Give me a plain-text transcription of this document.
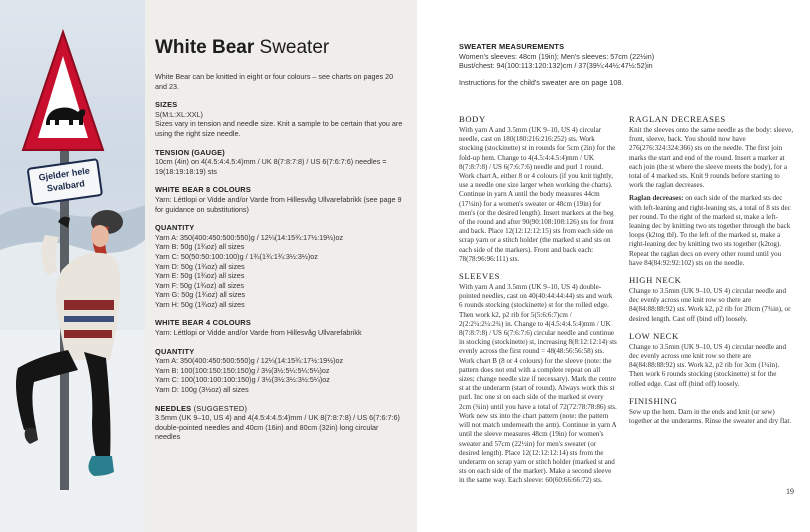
Gjelder hele
Svalbard
White Bear Sweater

White Bear can be knitted in eight or four colours – see charts on pages 20 and 23.

SIZES

S(M:L:XL:XXL)

Sizes vary in tension and needle size. Knit a sample to be certain that you are using the right size needle.

TENSION (GAUGE)

10cm (4in) on 4(4.5:4:4.5:4)mm / UK 8(7:8:7:8) / US 6(7:6:7:6) needles = 19(18:19:18:19) sts

WHITE BEAR 8 COLOURS

Yarn: Léttlopi or Vidde and/or Varde from Hillesvåg Ullvarefabrikk (see page 9 for guidance on substitutions)

QUANTITY

Yarn A: 350(400:450:500:550)g / 12¼(14:15¾:17½:19½)oz

Yarn B: 50g (1¾oz) all sizes

Yarn C: 50(50:50:100:100)g / 1¾(1¾:1¾:3½:3½)oz

Yarn D: 50g (1¾oz) all sizes

Yarn E: 50g (1¾oz) all sizes

Yarn F: 50g (1¾oz) all sizes

Yarn G: 50g (1¾oz) all sizes

Yarn H: 50g (1¾oz) all sizes

WHITE BEAR 4 COLOURS

Yarn: Léttlopi or Vidde and/or Varde from Hillesvåg Ullvarefabrikk

QUANTITY

Yarn A: 350(400:450:500:550)g / 12¼(14:15¾:17½:19½)oz

Yarn B: 100(100:150:150:150)g / 3½(3½:5¼:5¼:5¼)oz

Yarn C: 100(100:100:100:150)g / 3½(3½:3½:3½:5¼)oz

Yarn D: 100g (3½oz) all sizes

NEEDLES (SUGGESTED)

3.5mm (UK 9–10, US 4) and 4(4.5:4:4.5:4)mm / UK 8(7:8:7:8) / US 6(7:6:7:6) double-pointed needles and 40cm (16in) and 80cm (32in) long circular needles

SWEATER MEASUREMENTS
Women's sleeves: 48cm (19in); Men's sleeves: 57cm (22½in)
Bust/chest: 94(100:113:120:132)cm / 37(39¼:44½:47½:52)in
Instructions for the child's sweater are on page 108.
BODY

With yarn A and 3.5mm (UK 9–10, US 4) circular needle, cast on 180(180:216:216:252) sts. Work stocking (stockinette) st in rounds for 5cm (2in) for the fold-up hem. Change to 4(4.5:4:4.5:4)mm / UK 8(7:8:7:8) / US 6(7:6:7:6) needle and purl 1 round. Work chart A, either 8 or 4 colours (if you knit tightly, use a needle one size larger when working the charts). Continue in yarn A until the body measures 44cm (17¼in) for a women's sweater or 48cm (19in) for men's (or the desired length). Insert markers at the beg of the round and after 90(90:108:108:126) sts for front and back. Place 12(12:12:12:15) sts from each side on scrap yarn or a stitch holder (the marked st and sts on each side of the markers). Front and back each: 78(78:96:96:111) sts.

SLEEVES

With yarn A and 3.5mm (UK 9–10, US 4) double-pointed needles, cast on 40(40:44:44:44) sts and work 6 rounds stocking (stockinette) st for the rolled edge. Then work k2, p2 rib for 5(5:6:6:7)cm / 2(2:2¼:2¼:2¾) in. Change to 4(4.5:4:4.5:4)mm / UK 8(7:8:7:8) / US 6(7:6:7:6) circular needle and continue in stocking (stockinette) st, increasing 8(8:12:12:14) sts evenly across the first round = 48(48:56:56:58) sts. Work chart B (8 or 4 colours) for the sleeve (note: the pattern does not end with a complete repeat on all sizes; change needle size if necessary). Mark the centre st at the underarm (start of round). Always work this st purl. Inc one st on each side of the marked st every 2cm (¾in) until you have a total of 72(72:78:78:86) sts. Work new sts into the chart pattern (note: the pattern will not match underneath the arm). Continue in yarn A until the sleeve measures 48cm (19in) for women's sweater and 57cm (22½in) for men's sweater (or desired length). Place 12(12:12:12:14) sts from the underarm on scrap yarn or stitch holder (marked st and sts on each side of the marker). Make a second sleeve in the same way. Each sleeve: 60(60:66:66:72) sts.

RAGLAN DECREASES

Knit the sleeves onto the same needle as the body: sleeve, front, sleeve, back. You should now have 276(276:324:324:366) sts on the needle. The first join marks the start and end of the round. Insert a marker at each join (the st where the sleeve meets the body), for a total of 4 marked sts. Knit 9 rounds before starting to work the raglan decreases.

Raglan decreases: on each side of the marked sts dec with left-leaning and right-leaning sts, a total of 8 sts dec per round. To the right of the marked st, make a left-leaning dec by knitting two sts together through the back loops (k2tog tbl). To the left of the marked st, make a right-leaning dec by knitting two sts together (k2tog).

Repeat the raglan decs on every other round until you have 84(84:92:92:102) sts on the needle.

HIGH NECK

Change to 3.5mm (UK 9–10, US 4) circular needle and dec evenly across one knit row so there are 84(84:88:88:92) sts. Work k2, p2 rib for 20cm (7¾in), or desired length. Cast off (bind off) loosely.

LOW NECK

Change to 3.5mm (UK 9–10, US 4) circular needle and dec evenly across one knit row so there are 84(84:88:88:92) sts. Work k2, p2 rib for 3cm (1¼in). Then work 6 rounds stocking (stockinette) st for the rolled edge. Cast off (bind off) loosely.

FINISHING

Sew up the hem. Darn in the ends and knit (or sew) together at the underarms. Rinse the sweater and dry flat.

19
